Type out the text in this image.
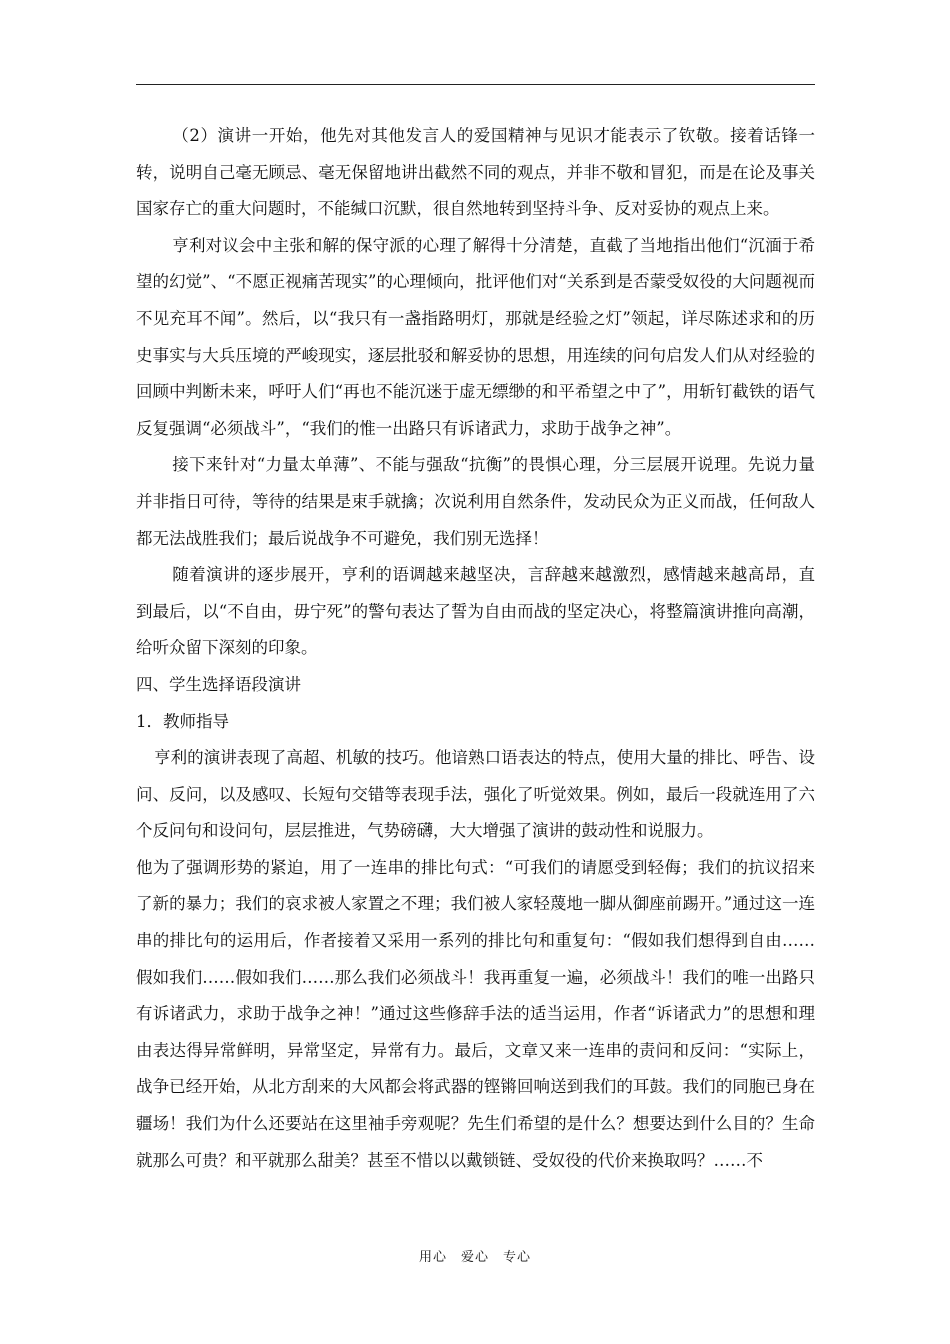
（2）演讲一开始，他先对其他发言人的爱国精神与见识才能表示了钦敬。接着话锋一转，说明自己毫无顾忌、毫无保留地讲出截然不同的观点，并非不敬和冒犯，而是在论及事关国家存亡的重大问题时，不能缄口沉默，很自然地转到坚持斗争、反对妥协的观点上来。

亨利对议会中主张和解的保守派的心理了解得十分清楚，直截了当地指出他们“沉湎于希望的幻觉”、“不愿正视痛苦现实”的心理倾向，批评他们对“关系到是否蒙受奴役的大问题视而不见充耳不闻”。然后，以“我只有一盏指路明灯，那就是经验之灯”领起，详尽陈述求和的历史事实与大兵压境的严峻现实，逐层批驳和解妥协的思想，用连续的问句启发人们从对经验的回顾中判断未来，呼吁人们“再也不能沉迷于虚无缥缈的和平希望之中了”，用斩钉截铁的语气反复强调“必须战斗”，“我们的惟一出路只有诉诸武力，求助于战争之神”。

接下来针对“力量太单薄”、不能与强敌“抗衡”的畏惧心理，分三层展开说理。先说力量并非指日可待，等待的结果是束手就擒；次说利用自然条件，发动民众为正义而战，任何敌人都无法战胜我们；最后说战争不可避免，我们别无选择！

随着演讲的逐步展开，亨利的语调越来越坚决，言辞越来越激烈，感情越来越高昂，直到最后，以“不自由，毋宁死”的警句表达了誓为自由而战的坚定决心，将整篇演讲推向高潮，给听众留下深刻的印象。

四、学生选择语段演讲

1．教师指导

亨利的演讲表现了高超、机敏的技巧。他谙熟口语表达的特点，使用大量的排比、呼告、设问、反问，以及感叹、长短句交错等表现手法，强化了听觉效果。例如，最后一段就连用了六个反问句和设问句，层层推进，气势磅礴，大大增强了演讲的鼓动性和说服力。

他为了强调形势的紧迫，用了一连串的排比句式：“可我们的请愿受到轻侮；我们的抗议招来了新的暴力；我们的哀求被人家置之不理；我们被人家轻蔑地一脚从御座前踢开。”通过这一连串的排比句的运用后，作者接着又采用一系列的排比句和重复句：“假如我们想得到自由……假如我们……假如我们……那么我们必须战斗！我再重复一遍，必须战斗！我们的唯一出路只有诉诸武力，求助于战争之神！”通过这些修辞手法的适当运用，作者“诉诸武力”的思想和理由表达得异常鲜明，异常坚定，异常有力。最后，文章又来一连串的责问和反问：“实际上，战争已经开始，从北方刮来的大风都会将武器的铿锵回响送到我们的耳鼓。我们的同胞已身在疆场！我们为什么还要站在这里袖手旁观呢？先生们希望的是什么？想要达到什么目的？生命就那么可贵？和平就那么甜美？甚至不惜以以戴锁链、受奴役的代价来换取吗？……不

用心　爱心　专心
